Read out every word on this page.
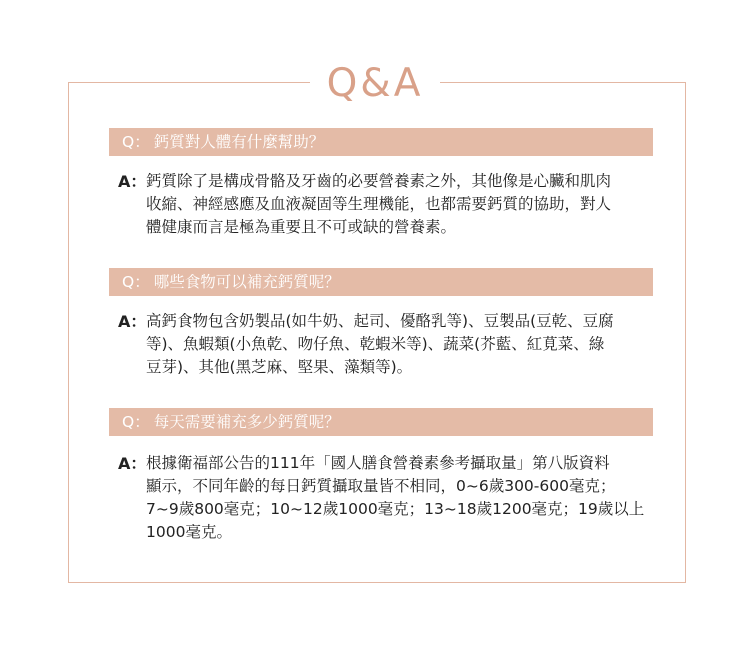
Q&A
Q： 鈣質對人體有什麼幫助？
A： 鈣質除了是構成骨骼及牙齒的必要營養素之外，其他像是心臟和肌肉
收縮、神經感應及血液凝固等生理機能，也都需要鈣質的協助，對人
體健康而言是極為重要且不可或缺的營養素。
Q： 哪些食物可以補充鈣質呢？
A： 高鈣食物包含奶製品(如牛奶、起司、優酪乳等)、豆製品(豆乾、豆腐
等)、魚蝦類(小魚乾、吻仔魚、乾蝦米等)、蔬菜(芥藍、紅莧菜、綠
豆芽)、其他(黑芝麻、堅果、藻類等)。
Q： 每天需要補充多少鈣質呢？
A： 根據衛福部公告的111年「國人膳食營養素參考攝取量」第八版資料
顯示，不同年齡的每日鈣質攝取量皆不相同，0~6歲300-600毫克；
7~9歲800毫克；10~12歲1000毫克；13~18歲1200毫克；19歲以上
1000毫克。
